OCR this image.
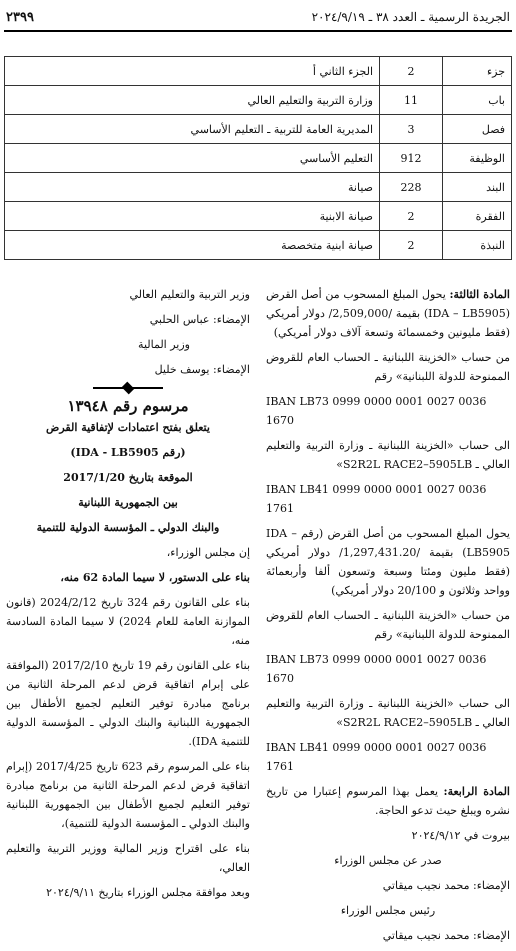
الجريدة الرسمية ـ العدد ٣٨ ـ ٢٠٢٤/٩/١٩
٢٣٩٩
جزء	2	الجزء الثاني أ
باب	11	وزارة التربية والتعليم العالي
فصل	3	المديرية العامة للتربية ـ التعليم الأساسي
الوظيفة	912	التعليم الأساسي
البند	228	صيانة
الفقرة	2	صيانة الابنية
النبذة	2	صيانة ابنية متخصصة

المادة الثالثة: يحول المبلغ المسحوب من أصل القرض (IDA – LB5905) بقيمة /2,509,000/ دولار أمريكي (فقط مليونين وخمسمائة وتسعة آلاف دولار أمريكي)

من حساب «الخزينة اللبنانية ـ الحساب العام للقروض الممنوحة للدولة اللبنانية» رقم

IBAN LB73 0999 0000 0001 0027 0036 1670

الى حساب «الخزينة اللبنانية ـ وزارة التربية والتعليم العالي ـ S2R2L RACE2–5905LB»

IBAN LB41 0999 0000 0001 0027 0036 1761

يحول المبلغ المسحوب من أصل القرض (رقم IDA – LB5905) بقيمة /1,297,431.20/ دولار أمريكي (فقط مليون ومئتا وسبعة وتسعون ألفا وأربعمائة وواحد وثلاثون و 20/100 دولار أمريكي)

من حساب «الخزينة اللبنانية ـ الحساب العام للقروض الممنوحة للدولة اللبنانية» رقم

IBAN LB73 0999 0000 0001 0027 0036 1670

الى حساب «الخزينة اللبنانية ـ وزارة التربية والتعليم العالي ـ S2R2L RACE2–5905LB»

IBAN LB41 0999 0000 0001 0027 0036 1761

المادة الرابعة: يعمل بهذا المرسوم إعتبارا من تاريخ نشره ويبلغ حيث تدعو الحاجة.

بيروت في ٢٠٢٤/٩/١٢

صدر عن مجلس الوزراء

الإمضاء: محمد نجيب ميقاتي

رئيس مجلس الوزراء

الإمضاء: محمد نجيب ميقاتي

وزير التربية والتعليم العالي

الإمضاء: عباس الحلبي

وزير المالية

الإمضاء: يوسف خليل

مرسوم رقم ١٣٩٤٨

يتعلق بفتح اعتمادات لإتفاقية القرض

(رقم IDA - LB5905)

الموقعة بتاريخ 2017/1/20

بين الجمهورية اللبنانية

والبنك الدولي ـ المؤسسة الدولية للتنمية

إن مجلس الوزراء،

بناء على الدستور، لا سيما المادة 62 منه،

بناء على القانون رقم 324 تاريخ 2024/2/12 (قانون الموازنة العامة للعام 2024) لا سيما المادة السادسة منه،

بناء على القانون رقم 19 تاريخ 2017/2/10 (الموافقة على إبرام اتفاقية قرض لدعم المرحلة الثانية من برنامج مبادرة توفير التعليم لجميع الأطفال بين الجمهورية اللبنانية والبنك الدولي ـ المؤسسة الدولية للتنمية IDA).

بناء على المرسوم رقم 623 تاريخ 2017/4/25 (إبرام اتفاقية قرض لدعم المرحلة الثانية من برنامج مبادرة توفير التعليم لجميع الأطفال بين الجمهورية اللبنانية والبنك الدولي ـ المؤسسة الدولية للتنمية)،

بناء على اقتراح وزير المالية ووزير التربية والتعليم العالي،

وبعد موافقة مجلس الوزراء بتاريخ ٢٠٢٤/٩/١١
